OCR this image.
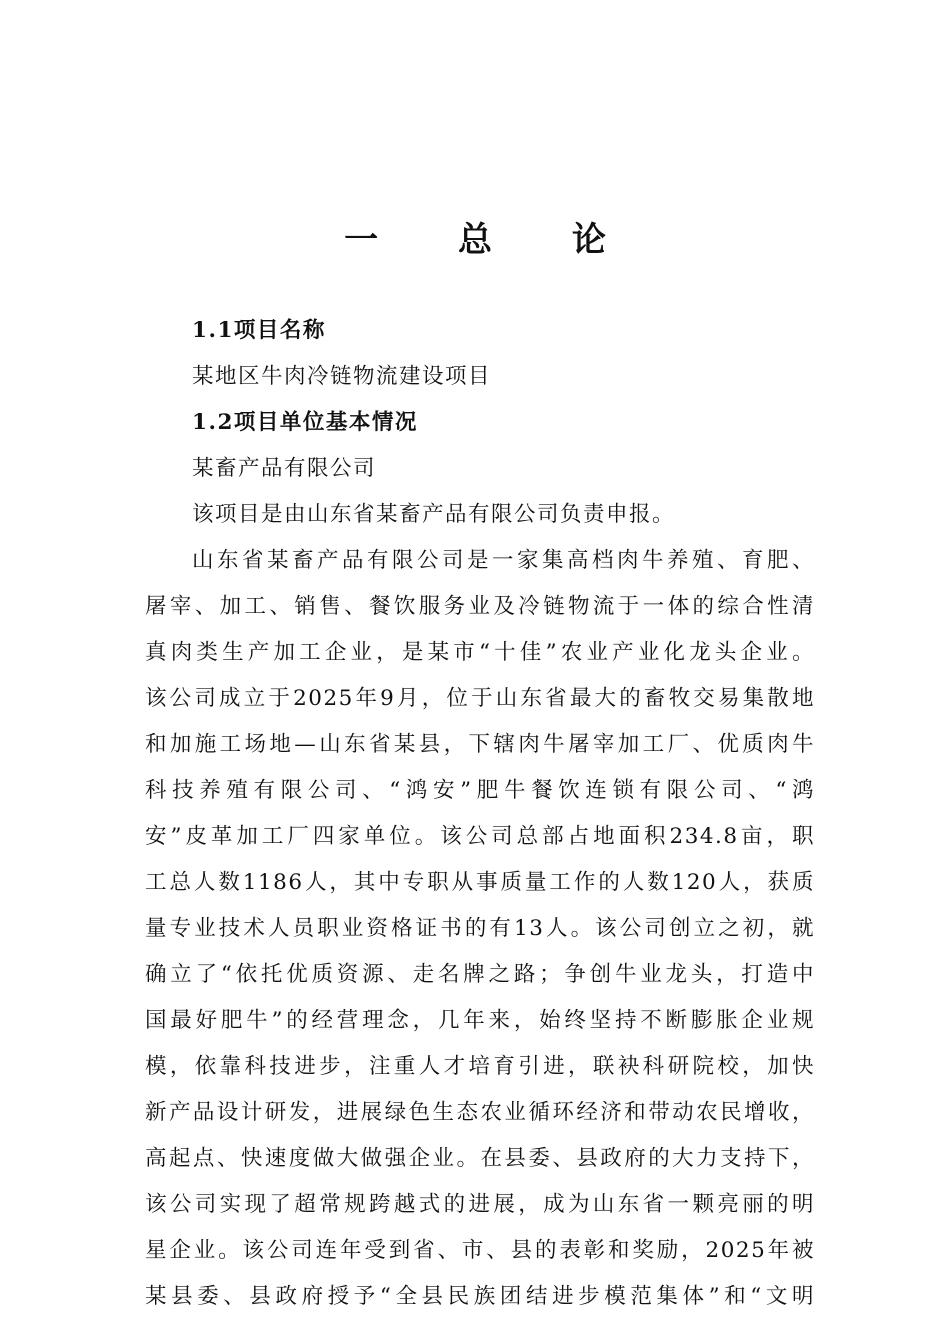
一 总 论
1.1项目名称
某地区牛肉冷链物流建设项目
1.2项目单位基本情况
某畜产品有限公司
该项目是由山东省某畜产品有限公司负责申报。
山东省某畜产品有限公司是一家集高档肉牛养殖、育肥、
屠宰、加工、销售、餐饮服务业及冷链物流于一体的综合性清
真肉类生产加工企业，是某市“十佳”农业产业化龙头企业。
该公司成立于2025年9月，位于山东省最大的畜牧交易集散地
和加施工场地—山东省某县，下辖肉牛屠宰加工厂、优质肉牛
科技养殖有限公司、“鸿安”肥牛餐饮连锁有限公司、“鸿
安”皮革加工厂四家单位。该公司总部占地面积234.8亩，职
工总人数1186人，其中专职从事质量工作的人数120人，获质
量专业技术人员职业资格证书的有13人。该公司创立之初，就
确立了“依托优质资源、走名牌之路；争创牛业龙头，打造中
国最好肥牛”的经营理念，几年来，始终坚持不断膨胀企业规
模，依靠科技进步，注重人才培育引进，联袂科研院校，加快
新产品设计研发，进展绿色生态农业循环经济和带动农民增收，
高起点、快速度做大做强企业。在县委、县政府的大力支持下，
该公司实现了超常规跨越式的进展，成为山东省一颗亮丽的明
星企业。该公司连年受到省、市、县的表彰和奖励，2025年被
某县委、县政府授予“全县民族团结进步模范集体”和“文明
